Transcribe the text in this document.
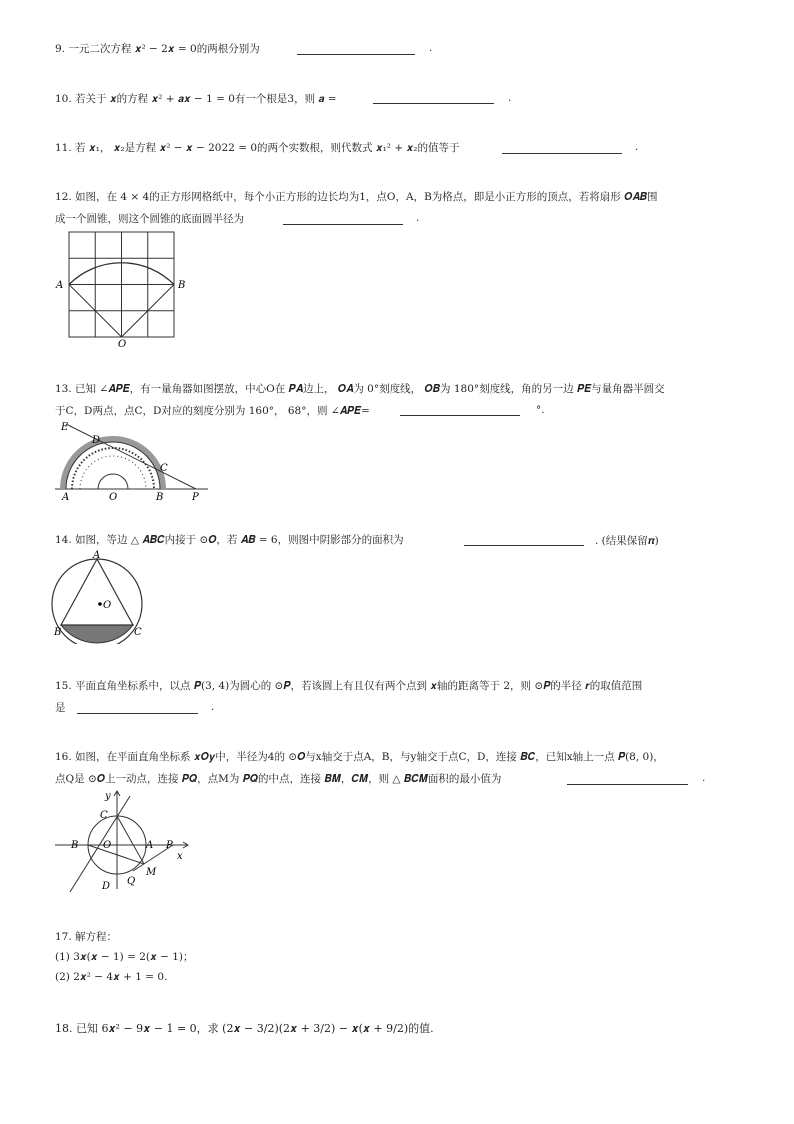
9. 一元二次方程 𝒙² − 2𝒙 = 0的两根分别为	.
10. 若关于 𝒙的方程 𝒙² + 𝒂𝒙 − 1 = 0有一个根是3，则 𝒂 =	.
11. 若 𝒙₁， 𝒙₂是方程 𝒙² − 𝒙 − 2022 = 0的两个实数根，则代数式 𝒙₁² + 𝒙₂的值等于	.
12. 如图，在 4 × 4的正方形网格纸中，每个小正方形的边长均为1，点O，A，B为格点，即是小正方形的顶点，若将扇形 𝑶𝑨𝑩围
成一个圆锥，则这个圆锥的底面圆半径为	.
A	B
O
13. 已知 ∠𝑨𝑷𝑬，有一量角器如图摆放，中心O在 𝑷𝑨边上， 𝑶𝑨为 0°刻度线， 𝑶𝑩为 180°刻度线，角的另一边 𝑷𝑬与量角器半圆交
于C，D两点，点C，D对应的刻度分别为 160°， 68°，则 ∠𝑨𝑷𝑬=	°.
E
D
C
A	O	B	P
14. 如图，等边 △ 𝑨𝑩𝑪内接于 ⊙𝑶，若 𝑨𝑩 = 6，则图中阴影部分的面积为	. (结果保留𝝅)
A
O
B	C
15. 平面直角坐标系中，以点 𝑷(3, 4)为圆心的 ⊙𝑷，若该圆上有且仅有两个点到 𝒙轴的距离等于 2，则 ⊙𝑷的半径 𝒓的取值范围
是	.
16. 如图，在平面直角坐标系 𝒙𝑶𝒚中，半径为4的 ⊙𝑶与x轴交于点A，B，与y轴交于点C，D，连接 𝑩𝑪，已知x轴上一点 𝑷(8, 0)，
点Q是 ⊙𝑶上一动点，连接 𝑷𝑸，点M为 𝑷𝑸的中点，连接 𝑩𝑴，𝑪𝑴，则 △ 𝑩𝑪𝑴面积的最小值为	.
y
x
C
B O	A P
M
Q
D
17. 解方程：
(1) 3𝒙(𝒙 − 1) = 2(𝒙 − 1)；
(2) 2𝒙² − 4𝒙 + 1 = 0.
18. 已知 6𝒙² − 9𝒙 − 1 = 0，求 (2𝒙 − 3/2)(2𝒙 + 3/2) − 𝒙(𝒙 + 9/2)的值.
